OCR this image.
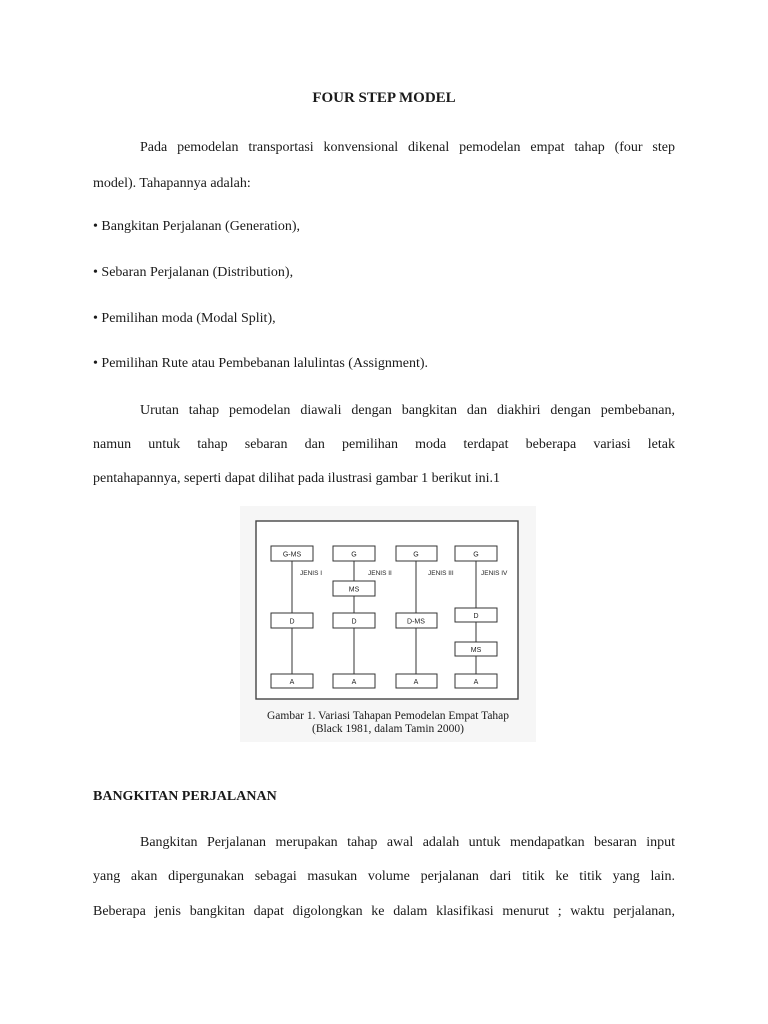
FOUR STEP MODEL
Pada pemodelan transportasi konvensional dikenal pemodelan empat tahap (four step
model). Tahapannya adalah:
• Bangkitan Perjalanan (Generation),
• Sebaran Perjalanan (Distribution),
• Pemilihan moda (Modal Split),
• Pemilihan Rute atau Pembebanan lalulintas (Assignment).
Urutan tahap pemodelan diawali dengan bangkitan dan diakhiri dengan pembebanan,
namun untuk tahap sebaran dan pemilihan moda terdapat beberapa variasi letak
pentahapannya, seperti dapat dilihat pada ilustrasi gambar 1 berikut ini.1
G-MS	G	G	G
MS
D	D	D-MS
D
MS
A	A	A	A
JENIS I	JENIS II	JENIS III	JENIS IV
Gambar 1. Variasi Tahapan Pemodelan Empat Tahap
(Black 1981, dalam Tamin 2000)
BANGKITAN PERJALANAN
Bangkitan Perjalanan merupakan tahap awal adalah untuk mendapatkan besaran input
yang akan dipergunakan sebagai masukan volume perjalanan dari titik ke titik yang lain.
Beberapa jenis bangkitan dapat digolongkan ke dalam klasifikasi menurut ; waktu perjalanan,
